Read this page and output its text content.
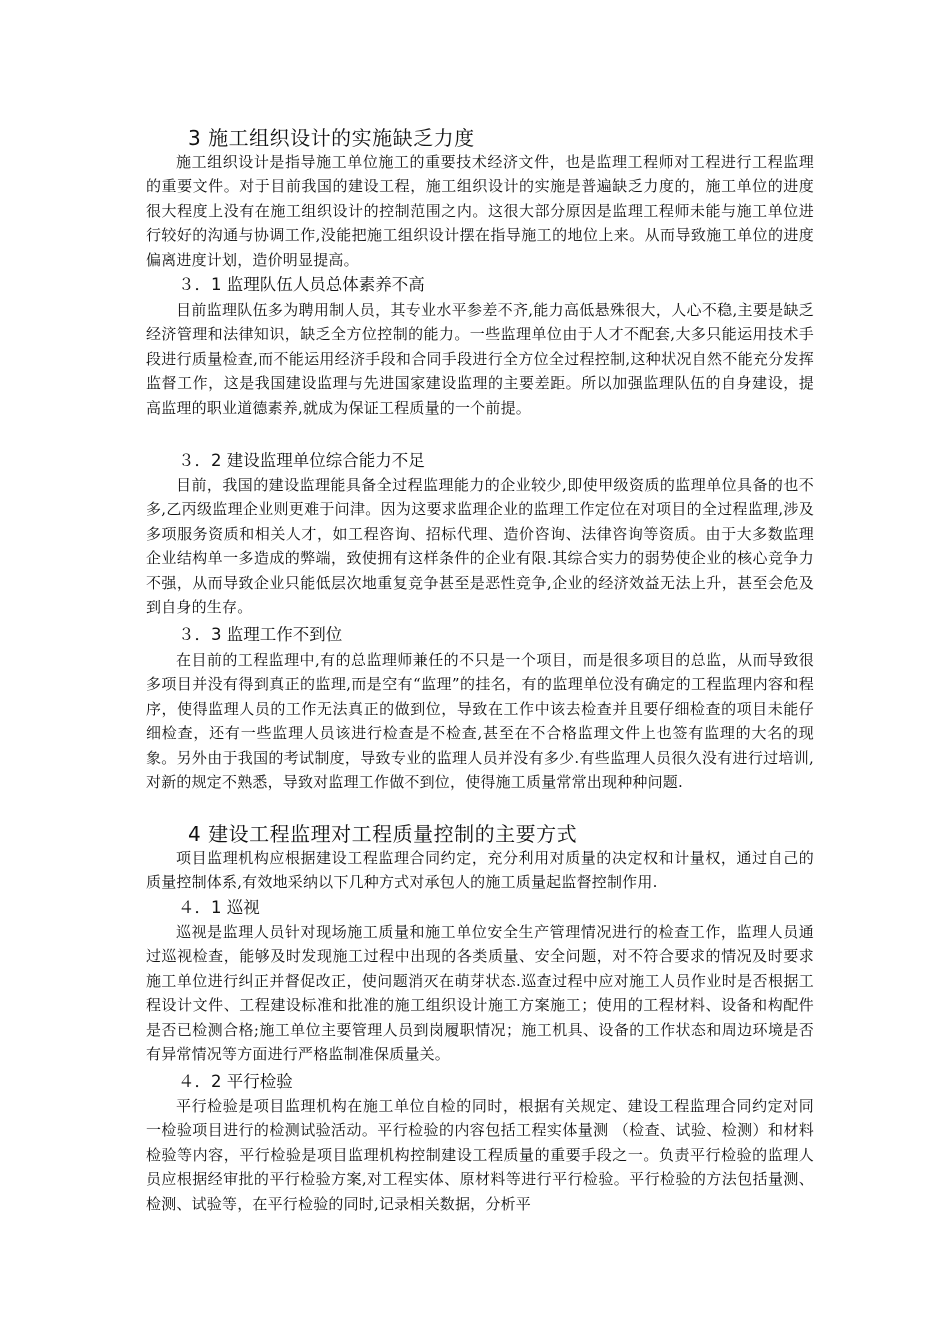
3 施工组织设计的实施缺乏力度
施工组织设计是指导施工单位施工的重要技术经济文件，也是监理工程师对工程进行工程监理的重要文件。对于目前我国的建设工程，施工组织设计的实施是普遍缺乏力度的，施工单位的进度很大程度上没有在施工组织设计的控制范围之内。这很大部分原因是监理工程师未能与施工单位进行较好的沟通与协调工作,没能把施工组织设计摆在指导施工的地位上来。从而导致施工单位的进度偏离进度计划，造价明显提高。
３．1 监理队伍人员总体素养不高
目前监理队伍多为聘用制人员，其专业水平参差不齐,能力高低悬殊很大，人心不稳,主要是缺乏经济管理和法律知识，缺乏全方位控制的能力。一些监理单位由于人才不配套,大多只能运用技术手段进行质量检查,而不能运用经济手段和合同手段进行全方位全过程控制,这种状况自然不能充分发挥监督工作，这是我国建设监理与先进国家建设监理的主要差距。所以加强监理队伍的自身建设，提高监理的职业道德素养,就成为保证工程质量的一个前提。
３．2 建设监理单位综合能力不足
目前，我国的建设监理能具备全过程监理能力的企业较少,即使甲级资质的监理单位具备的也不多,乙丙级监理企业则更难于问津。因为这要求监理企业的监理工作定位在对项目的全过程监理,涉及多项服务资质和相关人才，如工程咨询、招标代理、造价咨询、法律咨询等资质。由于大多数监理企业结构单一多造成的弊端，致使拥有这样条件的企业有限.其综合实力的弱势使企业的核心竞争力不强，从而导致企业只能低层次地重复竞争甚至是恶性竞争,企业的经济效益无法上升，甚至会危及到自身的生存。
３．3 监理工作不到位
在目前的工程监理中,有的总监理师兼任的不只是一个项目，而是很多项目的总监，从而导致很多项目并没有得到真正的监理,而是空有“监理”的挂名，有的监理单位没有确定的工程监理内容和程序，使得监理人员的工作无法真正的做到位，导致在工作中该去检查并且要仔细检查的项目未能仔细检查，还有一些监理人员该进行检查是不检查,甚至在不合格监理文件上也签有监理的大名的现象。另外由于我国的考试制度，导致专业的监理人员并没有多少.有些监理人员很久没有进行过培训,对新的规定不熟悉，导致对监理工作做不到位，使得施工质量常常出现种种问题.
4 建设工程监理对工程质量控制的主要方式
项目监理机构应根据建设工程监理合同约定，充分利用对质量的决定权和计量权，通过自己的质量控制体系,有效地采纳以下几种方式对承包人的施工质量起监督控制作用.
４．1 巡视
巡视是监理人员针对现场施工质量和施工单位安全生产管理情况进行的检查工作，监理人员通过巡视检查，能够及时发现施工过程中出现的各类质量、安全问题，对不符合要求的情况及时要求施工单位进行纠正并督促改正，使问题消灭在萌芽状态.巡查过程中应对施工人员作业时是否根据工程设计文件、工程建设标准和批准的施工组织设计施工方案施工；使用的工程材料、设备和构配件是否已检测合格;施工单位主要管理人员到岗履职情况；施工机具、设备的工作状态和周边环境是否有异常情况等方面进行严格监制准保质量关。
４．2 平行检验
平行检验是项目监理机构在施工单位自检的同时，根据有关规定、建设工程监理合同约定对同一检验项目进行的检测试验活动。平行检验的内容包括工程实体量测 （检查、试验、检测）和材料检验等内容，平行检验是项目监理机构控制建设工程质量的重要手段之一。负责平行检验的监理人员应根据经审批的平行检验方案,对工程实体、原材料等进行平行检验。平行检验的方法包括量测、检测、试验等，在平行检验的同时,记录相关数据，分析平
